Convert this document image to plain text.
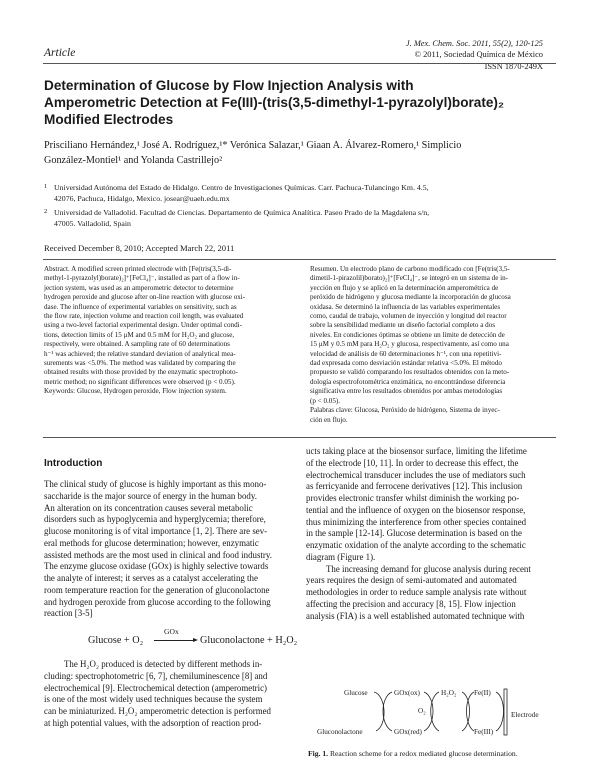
J. Mex. Chem. Soc. 2011, 55(2), 120-125
© 2011, Sociedad Química de México
ISSN 1870-249X
Article
Determination of Glucose by Flow Injection Analysis with
Amperometric Detection at Fe(III)-(tris(3,5-dimethyl-1-pyrazolyl)borate)₂
Modified Electrodes
Prisciliano Hernández,¹ José A. Rodríguez,¹* Verónica Salazar,¹ Giaan A. Álvarez-Romero,¹ Simplicio
González-Montiel¹ and Yolanda Castrillejo²
1 Universidad Autónoma del Estado de Hidalgo. Centro de Investigaciones Químicas. Carr. Pachuca-Tulancingo Km. 4.5,
42076, Pachuca, Hidalgo, Mexico. josear@uaeh.edu.mx
2 Universidad de Valladolid. Facultad de Ciencias. Departamento de Química Analítica. Paseo Prado de la Magdalena s/n,
47005. Valladolid, Spain
Received December 8, 2010; Accepted March 22, 2011
Abstract. A modified screen printed electrode with [Fe(tris(3,5-di-
methyl-1-pyrazolyl)borate)₂]⁺[FeCl₄]⁻, installed as part of a flow in-
jection system, was used as an amperometric detector to determine
hydrogen peroxide and glucose after on-line reaction with glucose oxi-
dase. The influence of experimental variables on sensitivity, such as
the flow rate, injection volume and reaction coil length, was evaluated
using a two-level factorial experimental design. Under optimal condi-
tions, detection limits of 15 μM and 0.5 mM for H₂O₂ and glucose,
respectively, were obtained. A sampling rate of 60 determinations
h⁻¹ was achieved; the relative standard deviation of analytical mea-
surements was <5.0%. The method was validated by comparing the
obtained results with those provided by the enzymatic spectrophoto-
metric method; no significant differences were observed (p < 0.05).
Keywords: Glucose, Hydrogen peroxide, Flow injection system.
Resumen. Un electrodo plano de carbono modificado con [Fe(tris(3,5-
dimetil-1-pirazolil)borato)₂]⁺[FeCl₄]⁻, se integró en un sistema de in-
yección en flujo y se aplicó en la determinación amperométrica de
peróxido de hidrógeno y glucosa mediante la incorporación de glucosa
oxidasa. Se determinó la influencia de las variables experimentales
como, caudal de trabajo, volumen de inyección y longitud del reactor
sobre la sensibilidad mediante un diseño factorial completo a dos
niveles. En condiciones óptimas se obtiene un límite de detección de
15 μM y 0.5 mM para H₂O₂ y glucosa, respectivamente, así como una
velocidad de análisis de 60 determinaciones h⁻¹, con una repetitivi-
dad expresada como desviación estándar relativa <5.0%. El método
propuesto se validó comparando los resultados obtenidos con la meto-
dología espectrofotométrica enzimática, no encontrándose diferencia
significativa entre los resultados obtenidos por ambas metodologías
(p < 0.05).
Palabras clave: Glucosa, Peróxido de hidrógeno, Sistema de inyec-
ción en flujo.
Introduction
The clinical study of glucose is highly important as this mono-
saccharide is the major source of energy in the human body.
An alteration on its concentration causes several metabolic
disorders such as hypoglycemia and hyperglycemia; therefore,
glucose monitoring is of vital importance [1, 2]. There are sev-
eral methods for glucose determination; however, enzymatic
assisted methods are the most used in clinical and food industry.
The enzyme glucose oxidase (GOx) is highly selective towards
the analyte of interest; it serves as a catalyst accelerating the
room temperature reaction for the generation of gluconolactone
and hydrogen peroxide from glucose according to the following
reaction [3-5]
Glucose + O₂
GOx
Gluconolactone + H₂O₂
The H₂O₂ produced is detected by different methods in-
cluding: spectrophotometric [6, 7], chemiluminescence [8] and
electrochemical [9]. Electrochemical detection (amperometric)
is one of the most widely used techniques because the system
can be miniaturized. H₂O₂ amperometric detection is performed
at high potential values, with the adsorption of reaction prod-
ucts taking place at the biosensor surface, limiting the lifetime
of the electrode [10, 11]. In order to decrease this effect, the
electrochemical transducer includes the use of mediators such
as ferricyanide and ferrocene derivatives [12]. This inclusion
provides electronic transfer whilst diminish the working po-
tential and the influence of oxygen on the biosensor response,
thus minimizing the interference from other species contained
in the sample [12-14]. Glucose determination is based on the
enzymatic oxidation of the analyte according to the schematic
diagram (Figure 1).
The increasing demand for glucose analysis during recent
years requires the design of semi-automated and automated
methodologies in order to reduce sample analysis rate without
affecting the precision and accuracy [8, 15]. Flow injection
analysis (FIA) is a well established automated technique with
Glucose
Gluconolactone
GOx(ox)
GOx(red)
O₂
H₂O₂ Fe(II)
Fe(III)
Electrode
Fig. 1. Reaction scheme for a redox mediated glucose determination.
